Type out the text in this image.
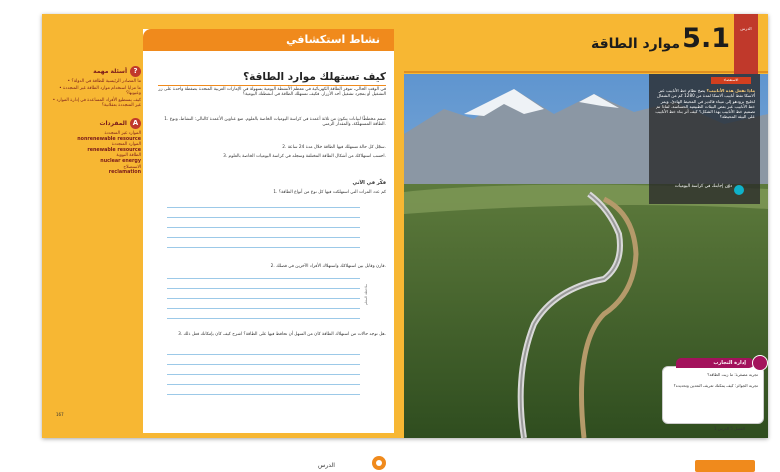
نشاط استكشافي
أسئلة مهمة ?
• ما المصادر الرئيسية للطاقة في الدولة؟
• ما مزايا استخدام موارد الطاقة غير المتجددة وعيوبها؟
• كيف يستطيع الأفراد المساعدة في إدارة الموارد غير المتجددة بعقلانية؟
المفردات A
الموارد غير المتجددة
nonrenewable resource
الموارد المتجددة
renewable resource
الطاقة النووية
nuclear energy
الاستصلاح
reclamation
كيف تستهلك موارد الطاقة؟
في الوقت الحالي، تتوفر الطاقة الكهربائية في معظم الأنشطة اليومية بسهولة في الإمارات العربية المتحدة بضغطة واحدة على زر التشغيل أو بمجرد تشغيل أحد الأزرار. فكيف تستهلك الطاقة في أنشطتك اليومية؟
1. صمم مخططًا لبيانات يتكون من ثلاثة أعمدة في كراسة اليوميات الخاصة بالعلوم. ضع عناوين الأعمدة كالتالي: النشاط، ونوع الطاقة المستهلكة، والمقدار الزمني.
2. سجّل كل حالة تستهلك فيها الطاقة خلال مدة 24 ساعة.
3. احسب استهلاكك من أشكال الطاقة المختلفة وسجله في كراسة اليوميات الخاصة بالعلوم.
فكّر في الآتي
1. كم عدد المرات التي استهلكت فيها كل نوع من أنواع الطاقة؟
2. قارن وقابل بين استهلاكك واستهلاك الأفراد الآخرين في فصلك.
3. هل توجد حالات من استهلاك الطاقة كان من السهل أن تحافظ فيها على الطاقة؟ اشرح كيف كان بإمكانك فعل ذلك.
ملاحظة المعلم
167
موارد الطاقة 5.1	الدرس
الاستقصاء
ماذا تفعل هذه الأنابيب؟ يضخ نظام خط الأنابيب عبر ألاسكا نفط أنابيب آلاسكا لمدة من 1280 كم من الشمال لخليج برودهو إلى ميناء فالديز في المحيط الهادئ. ويمر خط الأنابيب عبر بعض البيئات الطبيعية الحساسة. لماذا تم تصميم خط الأنابيب بهذا الشكل؟ كيف أثر بناء خط الأنابيب على البيئة المحيطة؟
دوّن إجابتك في كراسة اليوميات
إدارة التجارب
تجربة مصغرة: ما زيت الطاقة؟
تجربة الجوائز: كيف يمكنك تعريف التعدين وتحديده؟
الفصل 5 الدرس 1
الدرس
